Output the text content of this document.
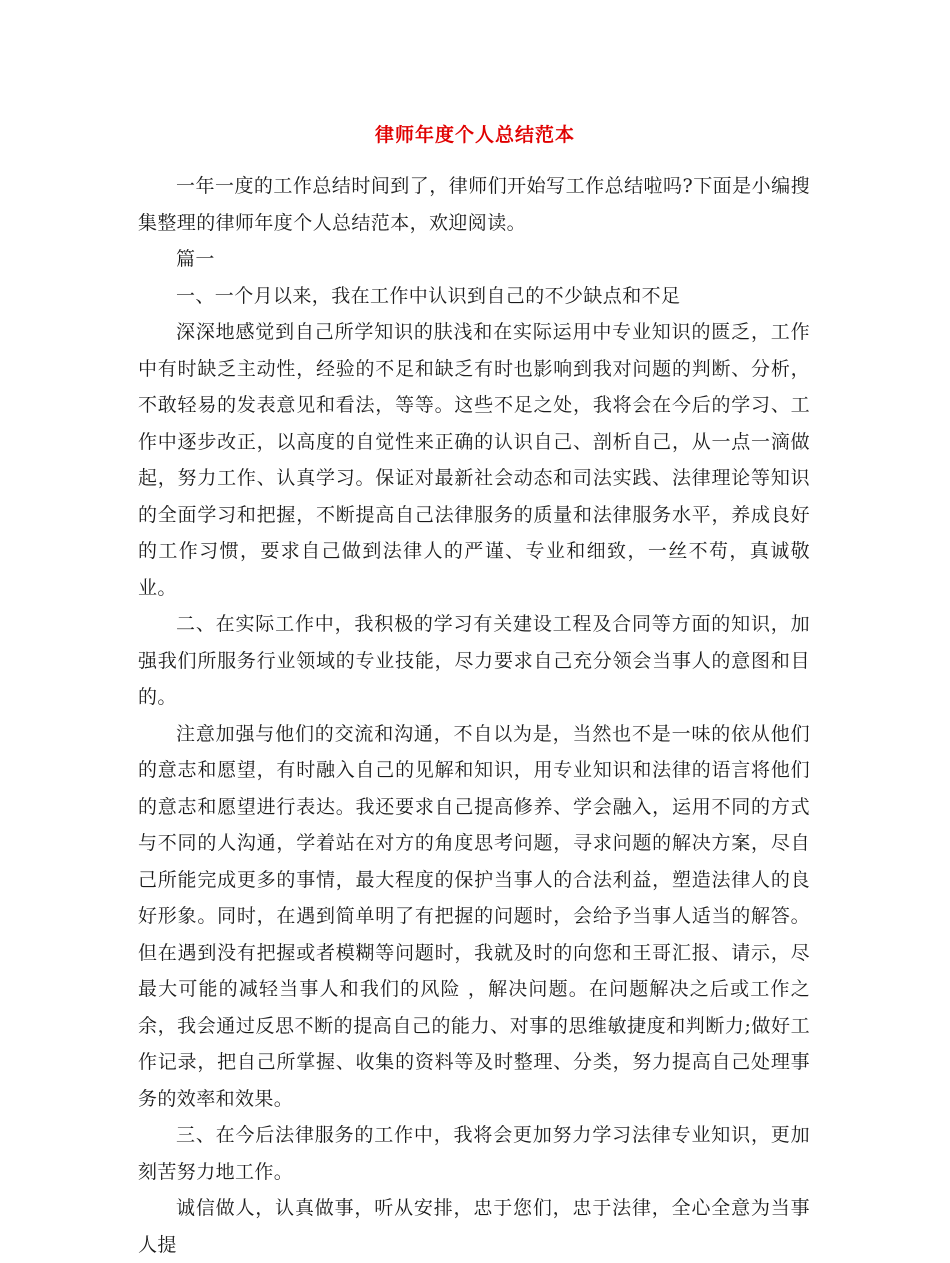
律师年度个人总结范本

一年一度的工作总结时间到了，律师们开始写工作总结啦吗?下面是小编搜集整理的律师年度个人总结范本，欢迎阅读。

篇一

一、一个月以来，我在工作中认识到自己的不少缺点和不足

深深地感觉到自己所学知识的肤浅和在实际运用中专业知识的匮乏，工作中有时缺乏主动性，经验的不足和缺乏有时也影响到我对问题的判断、分析，不敢轻易的发表意见和看法，等等。这些不足之处，我将会在今后的学习、工作中逐步改正，以高度的自觉性来正确的认识自己、剖析自己，从一点一滴做起，努力工作、认真学习。保证对最新社会动态和司法实践、法律理论等知识的全面学习和把握，不断提高自己法律服务的质量和法律服务水平，养成良好的工作习惯，要求自己做到法律人的严谨、专业和细致，一丝不苟，真诚敬业。

二、在实际工作中，我积极的学习有关建设工程及合同等方面的知识，加强我们所服务行业领域的专业技能，尽力要求自己充分领会当事人的意图和目的。

注意加强与他们的交流和沟通，不自以为是，当然也不是一味的依从他们的意志和愿望，有时融入自己的见解和知识，用专业知识和法律的语言将他们的意志和愿望进行表达。我还要求自己提高修养、学会融入，运用不同的方式与不同的人沟通，学着站在对方的角度思考问题，寻求问题的解决方案，尽自己所能完成更多的事情，最大程度的保护当事人的合法利益，塑造法律人的良好形象。同时，在遇到简单明了有把握的问题时，会给予当事人适当的解答。但在遇到没有把握或者模糊等问题时，我就及时的向您和王哥汇报、请示，尽最大可能的减轻当事人和我们的风险 ，解决问题。在问题解决之后或工作之余，我会通过反思不断的提高自己的能力、对事的思维敏捷度和判断力;做好工作记录，把自己所掌握、收集的资料等及时整理、分类，努力提高自己处理事务的效率和效果。

三、在今后法律服务的工作中，我将会更加努力学习法律专业知识，更加刻苦努力地工作。

诚信做人，认真做事，听从安排，忠于您们，忠于法律，全心全意为当事人提
